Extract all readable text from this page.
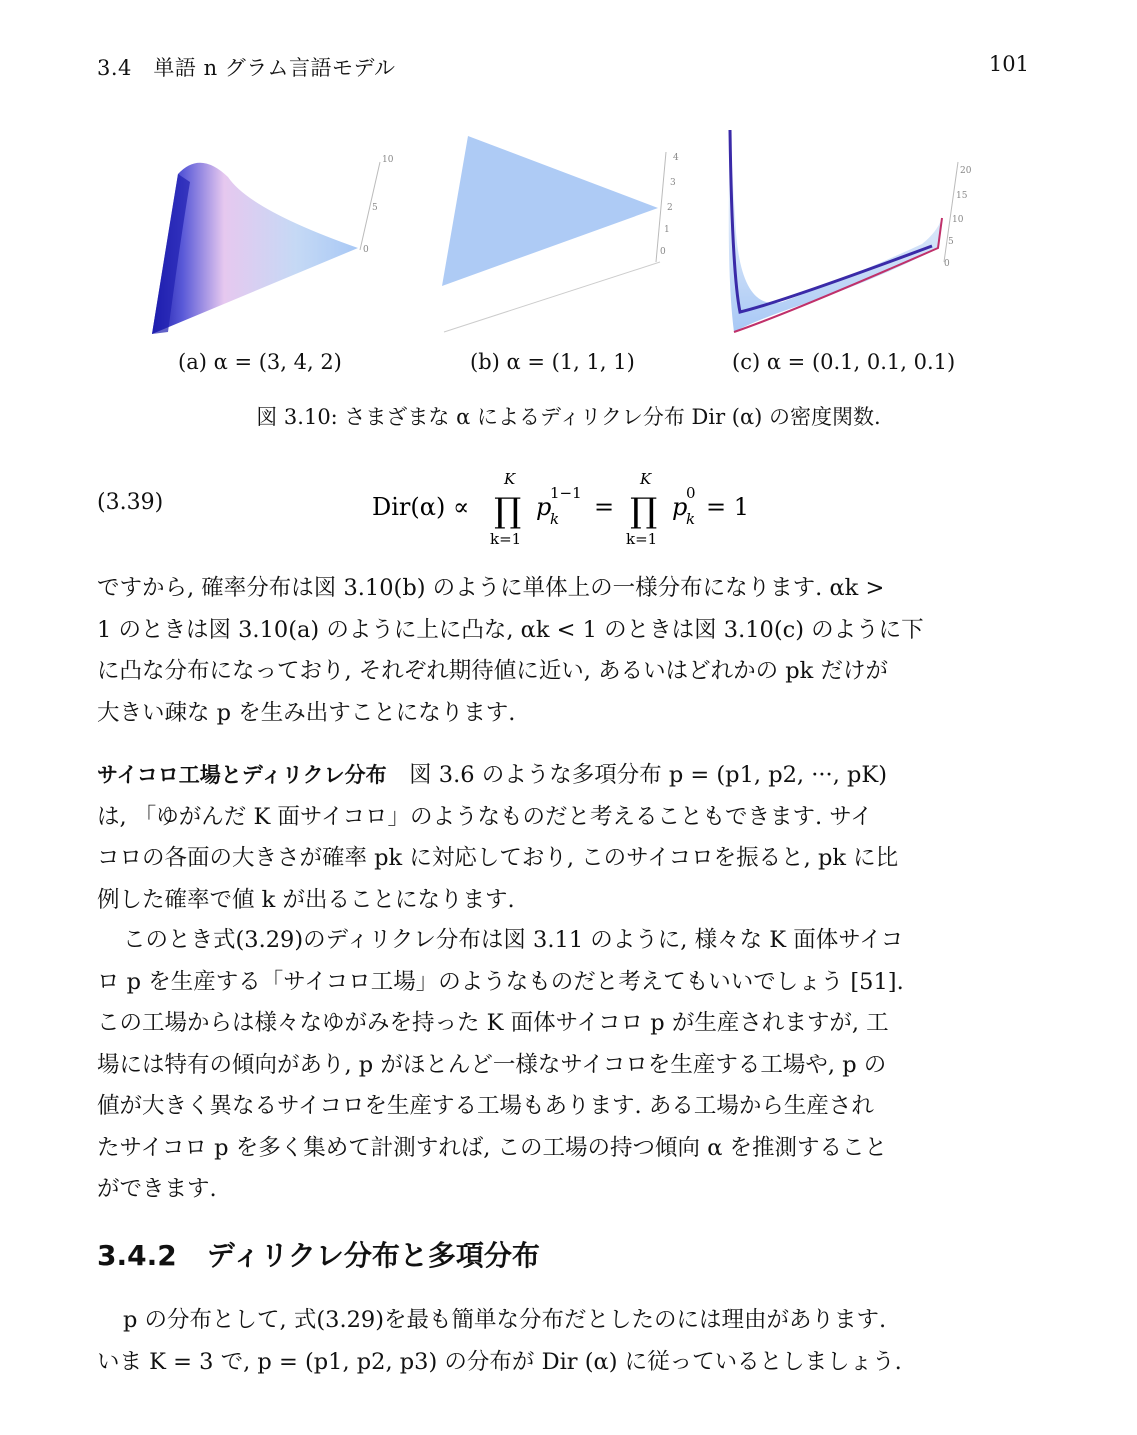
3.4　単語 n グラム言語モデル	101
10
5
0
4
3
2
1
0
20
15
10
5
0
(a) α = (3, 4, 2)	(b) α = (1, 1, 1)	(c) α = (0.1, 0.1, 0.1)
図 3.10: さまざまな α によるディリクレ分布 Dir (α) の密度関数.
(3.39)	Dir(α) ∝
K
∏
k=1
p
1−1
k =
K
∏
k=1
p
0
k = 1
ですから, 確率分布は図 3.10(b) のように単体上の一様分布になります. αk >
1 のときは図 3.10(a) のように上に凸な, αk < 1 のときは図 3.10(c) のように下
に凸な分布になっており, それぞれ期待値に近い, あるいはどれかの pk だけが
大きい疎な p を生み出すことになります.
サイコロ工場とディリクレ分布　 図 3.6 のような多項分布 p = (p1, p2, ···, pK)
は, 「ゆがんだ K 面サイコロ」のようなものだと考えることもできます. サイ
コロの各面の大きさが確率 pk に対応しており, このサイコロを振ると, pk に比
例した確率で値 k が出ることになります.
このとき式(3.29)のディリクレ分布は図 3.11 のように, 様々な K 面体サイコ
ロ p を生産する「サイコロ工場」のようなものだと考えてもいいでしょう [51].
この工場からは様々なゆがみを持った K 面体サイコロ p が生産されますが, 工
場には特有の傾向があり, p がほとんど一様なサイコロを生産する工場や, p の
値が大きく異なるサイコロを生産する工場もあります. ある工場から生産され
たサイコロ p を多く集めて計測すれば, この工場の持つ傾向 α を推測すること
ができます.
3.4.2 ディリクレ分布と多項分布
p の分布として, 式(3.29)を最も簡単な分布だとしたのには理由があります.
いま K = 3 で, p = (p1, p2, p3) の分布が Dir (α) に従っているとしましょう.
